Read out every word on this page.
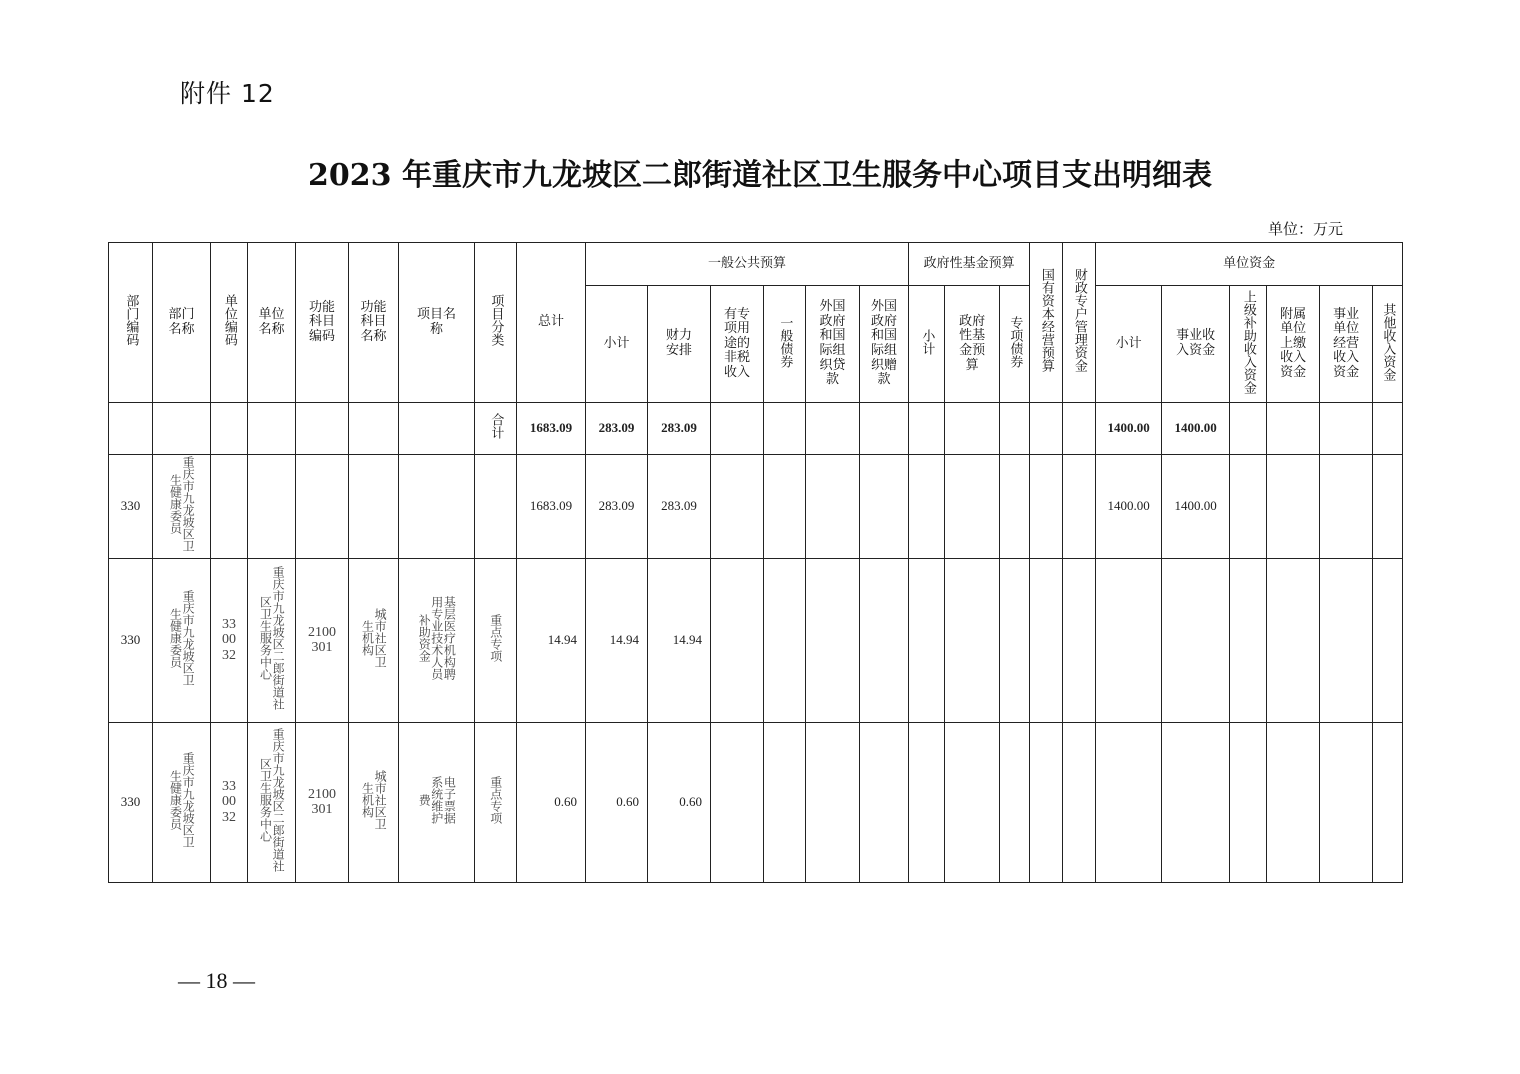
附件 12
2023 年重庆市九龙坡区二郎街道社区卫生服务中心项目支出明细表
单位：万元
部门编码	部门名称	单位编码	单位名称	功能科目编码	功能科目名称	项目名称	项目分类	总计	一般公共预算						政府性基金预算			国有资本经营预算	财政专户管理资金	单位资金					
									小计	财力安排	有专项用途的非税收入	一般债券	外国政府和国际组织贷款	外国政府和国际组织赠款	小计	政府性基金预算	专项债券			小计	事业收入资金	上级补助收入资金	附属单位上缴收入资金	事业单位经营收入资金	其他收入资金
							合计	1683.09	283.09	283.09										1400.00	1400.00				
330	重庆市九龙坡区卫生健康委员							1683.09	283.09	283.09										1400.00	1400.00				
330	重庆市九龙坡区卫生健康委员	330032	重庆市九龙坡区二郎街道社区卫生服务中心	2100301	城市社区卫生机构	基层医疗机构聘用专业技术人员补助资金	重点专项	14.94	14.94	14.94															
330	重庆市九龙坡区卫生健康委员	330032	重庆市九龙坡区二郎街道社区卫生服务中心	2100301	城市社区卫生机构	电子票据系统维护费	重点专项	0.60	0.60	0.60															
— 18 —
